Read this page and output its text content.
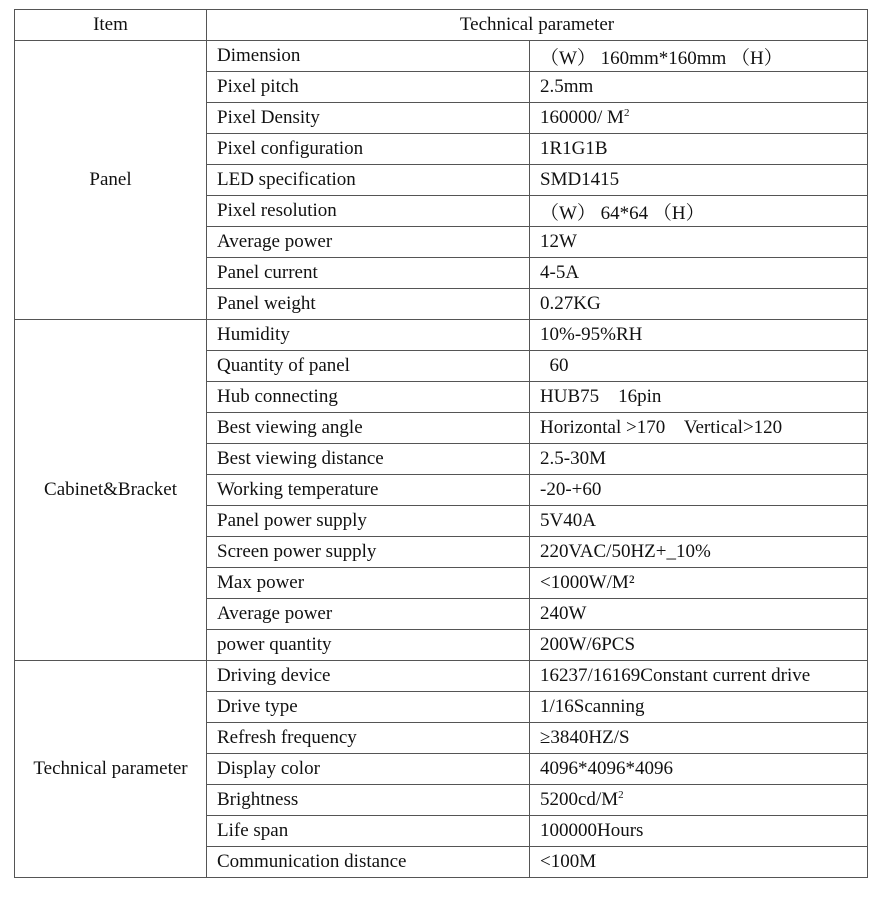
Item	Technical parameter	
Panel	Dimension	（W） 160mm*160mm （H）
	Pixel pitch	2.5mm
	Pixel Density	160000/ $M^2$
	Pixel configuration	1R1G1B
	LED specification	SMD1415
	Pixel resolution	（W） 64*64 （H）
	Average power	12W
	Panel current	4-5A
	Panel weight	0.27KG
Cabinet&Bracket	Humidity	10%-95%RH
	Quantity of panel	60
	Hub connecting	HUB75    16pin
	Best viewing angle	Horizontal >170    Vertical>120
	Best viewing distance	2.5-30M
	Working temperature	-20-+60
	Panel power supply	5V40A
	Screen power supply	220VAC/50HZ+_10%
	Max power	<1000W/M²
	Average power	240W
	power quantity	200W/6PCS
Technical parameter	Driving device	16237/16169Constant current drive
	Drive type	1/16Scanning
	Refresh frequency	≥3840HZ/S
	Display color	4096*4096*4096
	Brightness	$5200cd/M^2$
	Life span	100000Hours
	Communication distance	<100M
